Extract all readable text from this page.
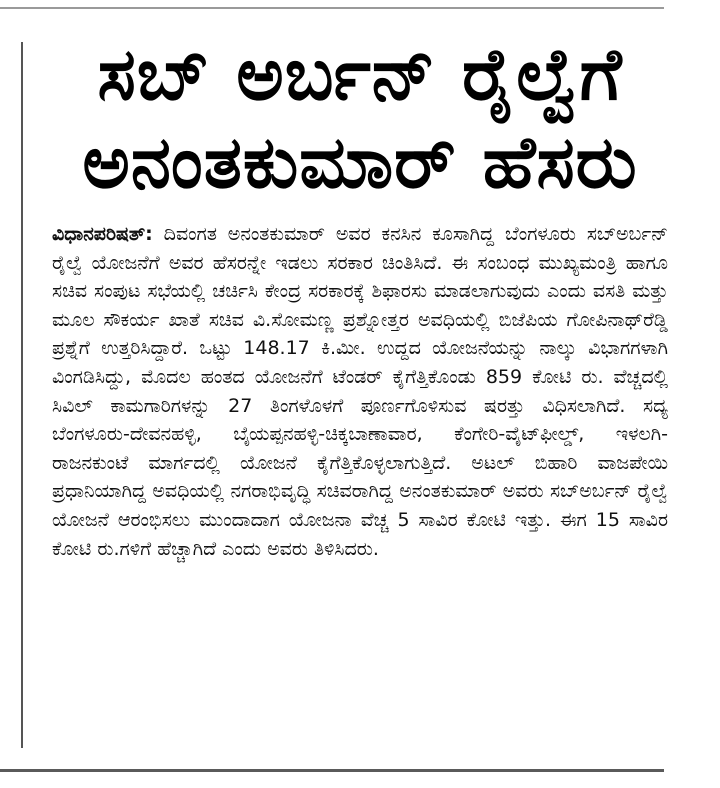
ಸಬ್ ಅರ್ಬನ್ ರೈಲ್ವೆಗೆ
ಅನಂತಕುಮಾರ್ ಹೆಸರು

ವಿಧಾನಪರಿಷತ್: ದಿವಂಗತ ಅನಂತಕುಮಾರ್ ಅವರ ಕನಸಿನ ಕೂಸಾಗಿದ್ದ ಬೆಂಗಳೂರು ಸಬ್‌ಅರ್ಬನ್ ರೈಲ್ವೆ ಯೋಜನೆಗೆ ಅವರ ಹೆಸರನ್ನೇ ಇಡಲು ಸರಕಾರ ಚಿಂತಿಸಿದೆ. ಈ ಸಂಬಂಧ ಮುಖ್ಯಮಂತ್ರಿ ಹಾಗೂ ಸಚಿವ ಸಂಪುಟ ಸಭೆಯಲ್ಲಿ ಚರ್ಚಿಸಿ ಕೇಂದ್ರ ಸರಕಾರಕ್ಕೆ ಶಿಫಾರಸು ಮಾಡಲಾಗುವುದು ಎಂದು ವಸತಿ ಮತ್ತು ಮೂಲ ಸೌಕರ್ಯ ಖಾತೆ ಸಚಿವ ವಿ.ಸೋಮಣ್ಣ ಪ್ರಶ್ನೋತ್ತರ ಅವಧಿಯಲ್ಲಿ ಬಿಜೆಪಿಯ ಗೋಪಿನಾಥ್‌ರೆಡ್ಡಿ ಪ್ರಶ್ನೆಗೆ ಉತ್ತರಿಸಿದ್ದಾರೆ. ಒಟ್ಟು 148.17 ಕಿ.ಮೀ. ಉದ್ದದ ಯೋಜನೆಯನ್ನು ನಾಲ್ಕು ವಿಭಾಗಗಳಾಗಿ ವಿಂಗಡಿಸಿದ್ದು, ಮೊದಲ ಹಂತದ ಯೋಜನೆಗೆ ಟೆಂಡರ್ ಕೈಗೆತ್ತಿಕೊಂಡು 859 ಕೋಟಿ ರು. ವೆಚ್ಚದಲ್ಲಿ ಸಿವಿಲ್ ಕಾಮಗಾರಿಗಳನ್ನು 27 ತಿಂಗಳೊಳಗೆ ಪೂರ್ಣಗೊಳಿಸುವ ಷರತ್ತು ವಿಧಿಸಲಾಗಿದೆ. ಸದ್ಯ ಬೆಂಗಳೂರು-ದೇವನಹಳ್ಳಿ, ಬೈಯಪ್ಪನಹಳ್ಳಿ-ಚಿಕ್ಕಬಾಣಾವಾರ, ಕೆಂಗೇರಿ-ವೈಟ್‌ಫೀಲ್ಡ್, ಇಳಲಗಿ-ರಾಜನಕುಂಟೆ ಮಾರ್ಗದಲ್ಲಿ ಯೋಜನೆ ಕೈಗೆತ್ತಿಕೊಳ್ಳಲಾಗುತ್ತಿದೆ. ಅಟಲ್ ಬಿಹಾರಿ ವಾಜಪೇಯಿ ಪ್ರಧಾನಿಯಾಗಿದ್ದ ಅವಧಿಯಲ್ಲಿ ನಗರಾಭಿವೃದ್ಧಿ ಸಚಿವರಾಗಿದ್ದ ಅನಂತಕುಮಾರ್ ಅವರು ಸಬ್‌ಅರ್ಬನ್ ರೈಲ್ವೆ ಯೋಜನೆ ಆರಂಭಿಸಲು ಮುಂದಾದಾಗ ಯೋಜನಾ ವೆಚ್ಚ 5 ಸಾವಿರ ಕೋಟಿ ಇತ್ತು. ಈಗ 15 ಸಾವಿರ ಕೋಟಿ ರು.ಗಳಿಗೆ ಹೆಚ್ಚಾಗಿದೆ ಎಂದು ಅವರು ತಿಳಿಸಿದರು.
